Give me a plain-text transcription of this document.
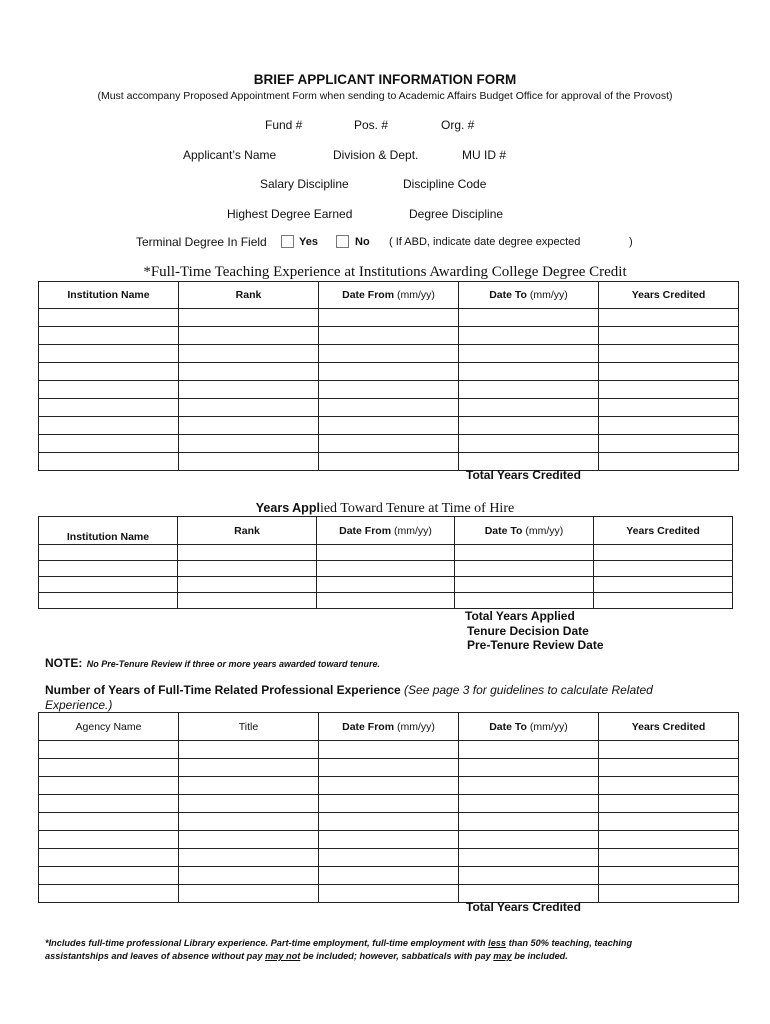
BRIEF APPLICANT INFORMATION FORM
(Must accompany Proposed Appointment Form when sending to Academic Affairs Budget Office for approval of the Provost)
Fund #	Pos. #	Org. #
Applicant’s Name	Division & Dept.	MU ID #
Salary Discipline	Discipline Code
Highest Degree Earned	Degree Discipline
Terminal Degree In Field	Yes	No ( If ABD, indicate date degree expected	)
*Full-Time Teaching Experience at Institutions Awarding College Degree Credit
Institution Name	Rank	Date From (mm/yy)	Date To (mm/yy)	Years Credited

Total Years Credited
Years Applied Toward Tenure at Time of Hire
Institution Name	Rank	Date From (mm/yy)	Date To (mm/yy)	Years Credited

Total Years Applied
Tenure Decision Date
Pre-Tenure Review Date
NOTE: No Pre-Tenure Review if three or more years awarded toward tenure.
Number of Years of Full-Time Related Professional Experience (See page 3 for guidelines to calculate Related
Experience.)
Agency Name	Title	Date From (mm/yy)	Date To (mm/yy)	Years Credited

Total Years Credited
*Includes full-time professional Library experience. Part-time employment, full-time employment with less than 50% teaching, teaching
assistantships and leaves of absence without pay may not be included; however, sabbaticals with pay may be included.
